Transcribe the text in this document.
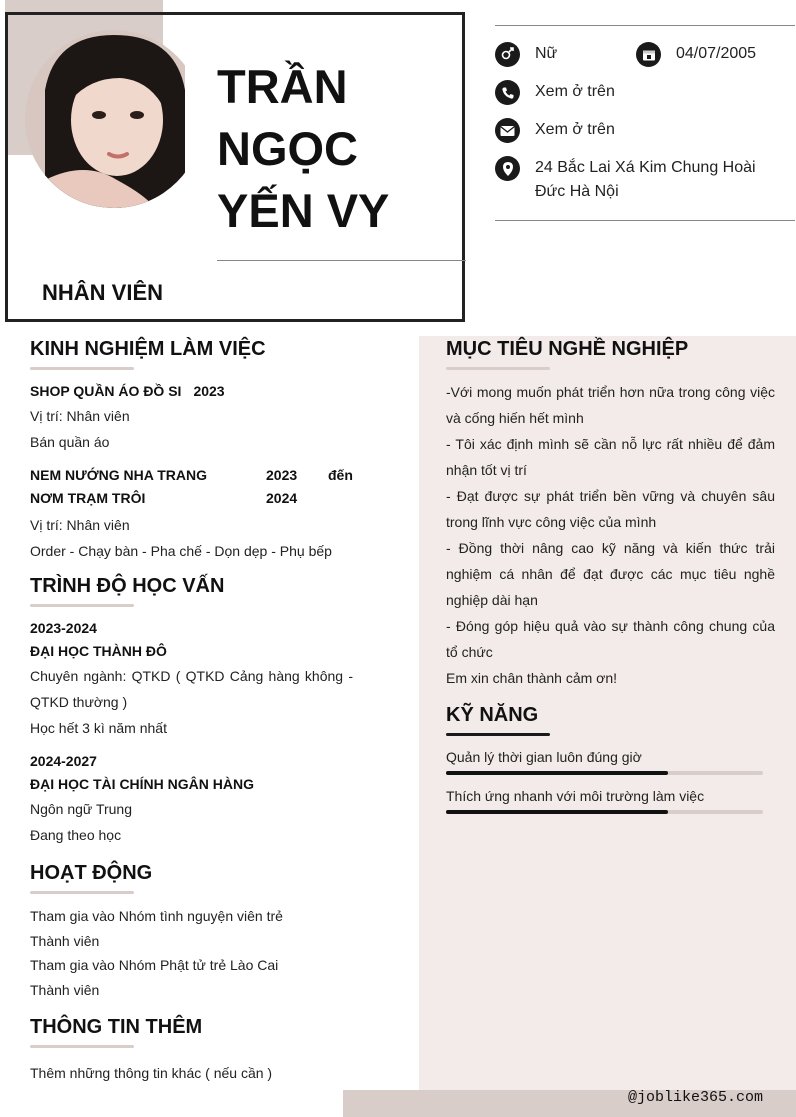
TRẦN NGỌC YẾN VY
NHÂN VIÊN
Nữ	04/07/2005
Xem ở trên
Xem ở trên
24 Bắc Lai Xá Kim Chung Hoài Đức Hà Nội
KINH NGHIỆM LÀM VIỆC
SHOP QUẦN ÁO ĐỒ SI 2023
Vị trí: Nhân viên
Bán quần áo
NEM NƯỚNG NHA TRANG NƠM TRẠM TRÔI
2023
2024
đến
Vị trí: Nhân viên
Order - Chạy bàn - Pha chế - Dọn dẹp - Phụ bếp
TRÌNH ĐỘ HỌC VẤN
2023-2024
ĐẠI HỌC THÀNH ĐÔ
Chuyên ngành: QTKD ( QTKD Cảng hàng không - QTKD thường )
Học hết 3 kì năm nhất
2024-2027
ĐẠI HỌC TÀI CHÍNH NGÂN HÀNG
Ngôn ngữ Trung
Đang theo học
HOẠT ĐỘNG
Tham gia vào Nhóm tình nguyện viên trẻ
Thành viên
Tham gia vào Nhóm Phật tử trẻ Lào Cai
Thành viên
THÔNG TIN THÊM
Thêm những thông tin khác ( nếu cần )
MỤC TIÊU NGHỀ NGHIỆP
-Với mong muốn phát triển hơn nữa trong công việc và cống hiến hết mình
- Tôi xác định mình sẽ cần nỗ lực rất nhiều để đảm nhận tốt vị trí
- Đạt được sự phát triển bền vững và chuyên sâu trong lĩnh vực công việc của mình
- Đồng thời nâng cao kỹ năng và kiến thức trải nghiệm cá nhân để đạt được các mục tiêu nghề nghiệp dài hạn
- Đóng góp hiệu quả vào sự thành công chung của tổ chức
Em xin chân thành cảm ơn!
KỸ NĂNG
Quản lý thời gian luôn đúng giờ
Thích ứng nhanh với môi trường làm việc
@joblike365.com
